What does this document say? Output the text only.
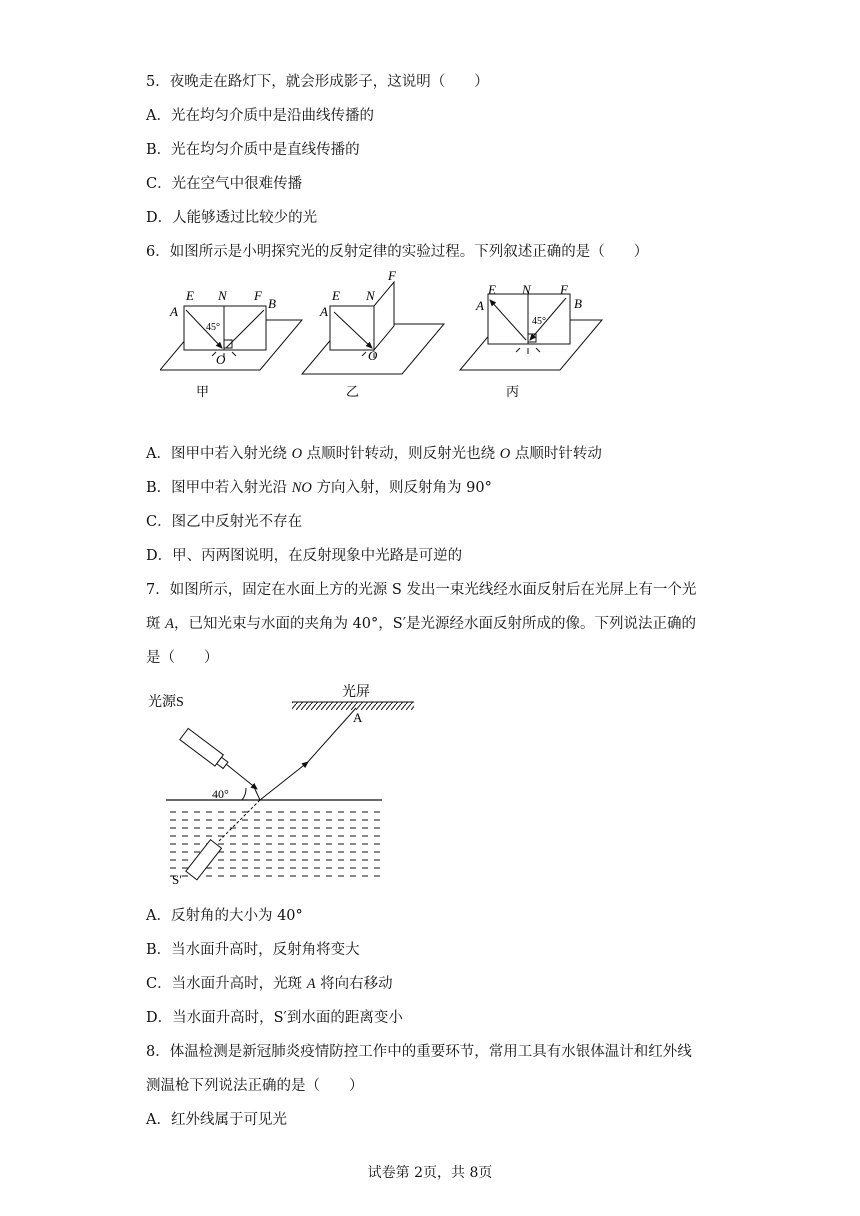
5．夜晚走在路灯下，就会形成影子，这说明（　　）
A．光在均匀介质中是沿曲线传播的
B．光在均匀介质中是直线传播的
C．光在空气中很难传播
D．人能够透过比较少的光
6．如图所示是小明探究光的反射定律的实验过程。下列叙述正确的是（　　）
E N F
A
B
45°
O
甲
E N
F
A
O
乙
E N F
A	B
45°
丙
A．图甲中若入射光绕 O 点顺时针转动，则反射光也绕 O 点顺时针转动
B．图甲中若入射光沿 NO 方向入射，则反射角为 90°
C．图乙中反射光不存在
D．甲、丙两图说明，在反射现象中光路是可逆的
7．如图所示，固定在水面上方的光源 S 发出一束光线经水面反射后在光屏上有一个光
斑 A，已知光束与水面的夹角为 40°，S′是光源经水面反射所成的像。下列说法正确的
是（　　）
光源S
光屏
A
40°
S′
A．反射角的大小为 40°
B．当水面升高时，反射角将变大
C．当水面升高时，光斑 A 将向右移动
D．当水面升高时，S′到水面的距离变小
8．体温检测是新冠肺炎疫情防控工作中的重要环节，常用工具有水银体温计和红外线
测温枪下列说法正确的是（　　）
A．红外线属于可见光
试卷第 2页，共 8页
